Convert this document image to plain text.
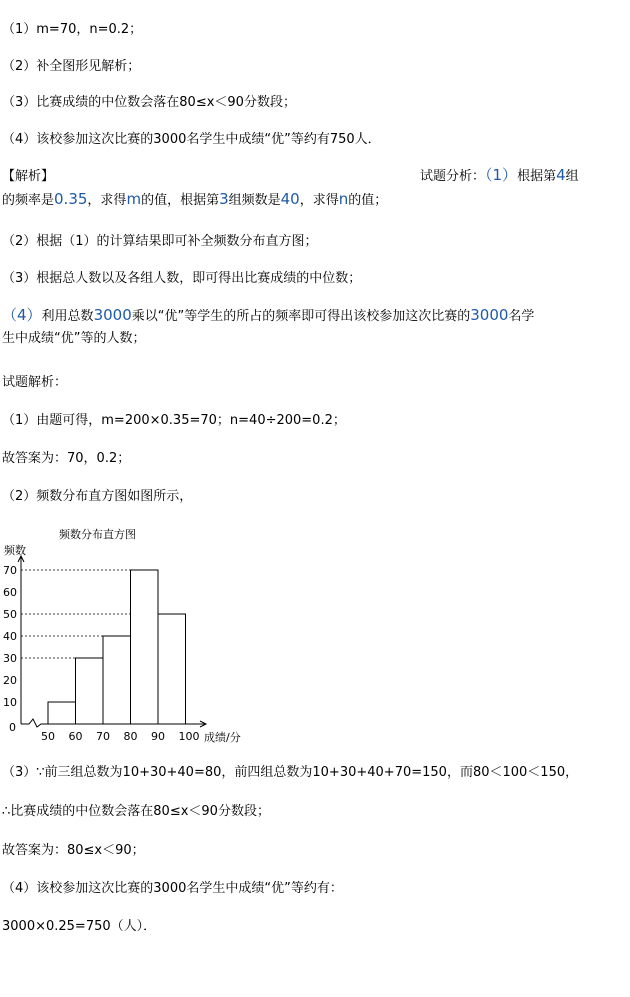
（1）m=70，n=0.2；
（2）补全图形见解析；
（3）比赛成绩的中位数会落在80≤x＜90分数段；
（4）该校参加这次比赛的3000名学生中成绩“优”等约有750人．
【解析】	试题分析：（1）根据第4组
的频率是0.35，求得m的值，根据第3组频数是40，求得n的值；
（2）根据（1）的计算结果即可补全频数分布直方图；
（3）根据总人数以及各组人数，即可得出比赛成绩的中位数；
（4）利用总数3000乘以“优”等学生的所占的频率即可得出该校参加这次比赛的3000名学
生中成绩“优”等的人数；
试题解析：
（1）由题可得，m=200×0.35=70；n=40÷200=0.2；
故答案为：70，0.2；
（2）频数分布直方图如图所示，
频数分布直方图
频数
成绩/分
0
10
20
30
40
50
60
70
50 60 70 80 90 100
（3）∵前三组总数为10+30+40=80，前四组总数为10+30+40+70=150，而80＜100＜150，
∴比赛成绩的中位数会落在80≤x＜90分数段；
故答案为：80≤x＜90；
（4）该校参加这次比赛的3000名学生中成绩“优”等约有：
3000×0.25=750（人）．
